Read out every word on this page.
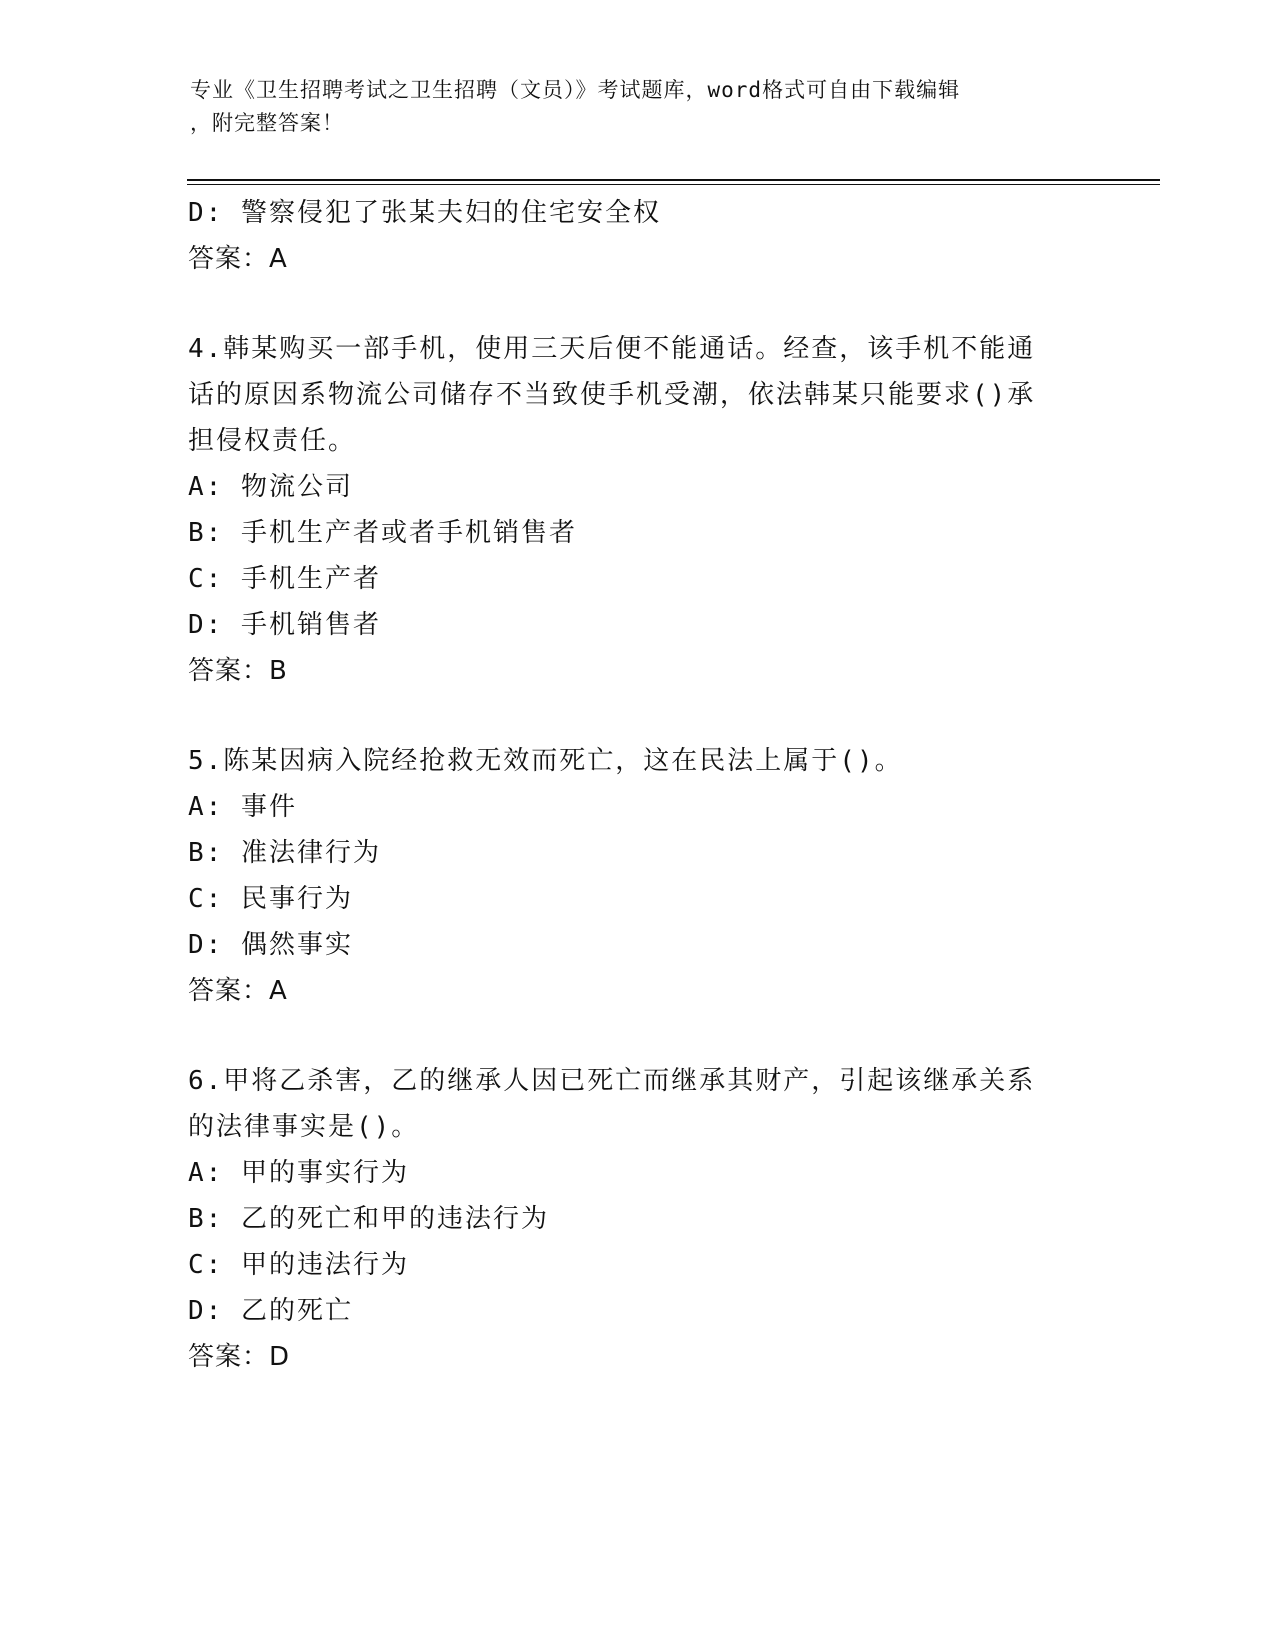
专业《卫生招聘考试之卫生招聘（文员）》考试题库，word格式可自由下载编辑
，附完整答案！
D: 警察侵犯了张某夫妇的住宅安全权
答案：A
4.韩某购买一部手机，使用三天后便不能通话。经查，该手机不能通
话的原因系物流公司储存不当致使手机受潮，依法韩某只能要求()承
担侵权责任。
A: 物流公司
B: 手机生产者或者手机销售者
C: 手机生产者
D: 手机销售者
答案：B
5.陈某因病入院经抢救无效而死亡，这在民法上属于()。
A: 事件
B: 准法律行为
C: 民事行为
D: 偶然事实
答案：A
6.甲将乙杀害，乙的继承人因已死亡而继承其财产，引起该继承关系
的法律事实是()。
A: 甲的事实行为
B: 乙的死亡和甲的违法行为
C: 甲的违法行为
D: 乙的死亡
答案：D
